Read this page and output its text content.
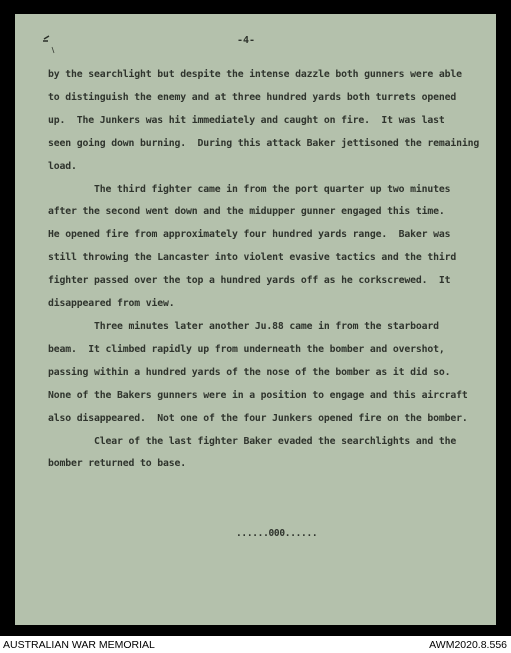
-4-

by the searchlight but despite the intense dazzle both gunners were able

to distinguish the enemy and at three hundred yards both turrets opened

up.  The Junkers was hit immediately and caught on fire.  It was last

seen going down burning.  During this attack Baker jettisoned the remaining

load.

The third fighter came in from the port quarter up two minutes

after the second went down and the midupper gunner engaged this time.

He opened fire from approximately four hundred yards range.  Baker was

still throwing the Lancaster into violent evasive tactics and the third

fighter passed over the top a hundred yards off as he corkscrewed.  It

disappeared from view.

Three minutes later another Ju.88 came in from the starboard

beam.  It climbed rapidly up from underneath the bomber and overshot,

passing within a hundred yards of the nose of the bomber as it did so.

None of the Bakers gunners were in a position to engage and this aircraft

also disappeared.  Not one of the four Junkers opened fire on the bomber.

Clear of the last fighter Baker evaded the searchlights and the

bomber returned to base.

......000......
AUSTRALIAN WAR MEMORIAL	AWM2020.8.556
